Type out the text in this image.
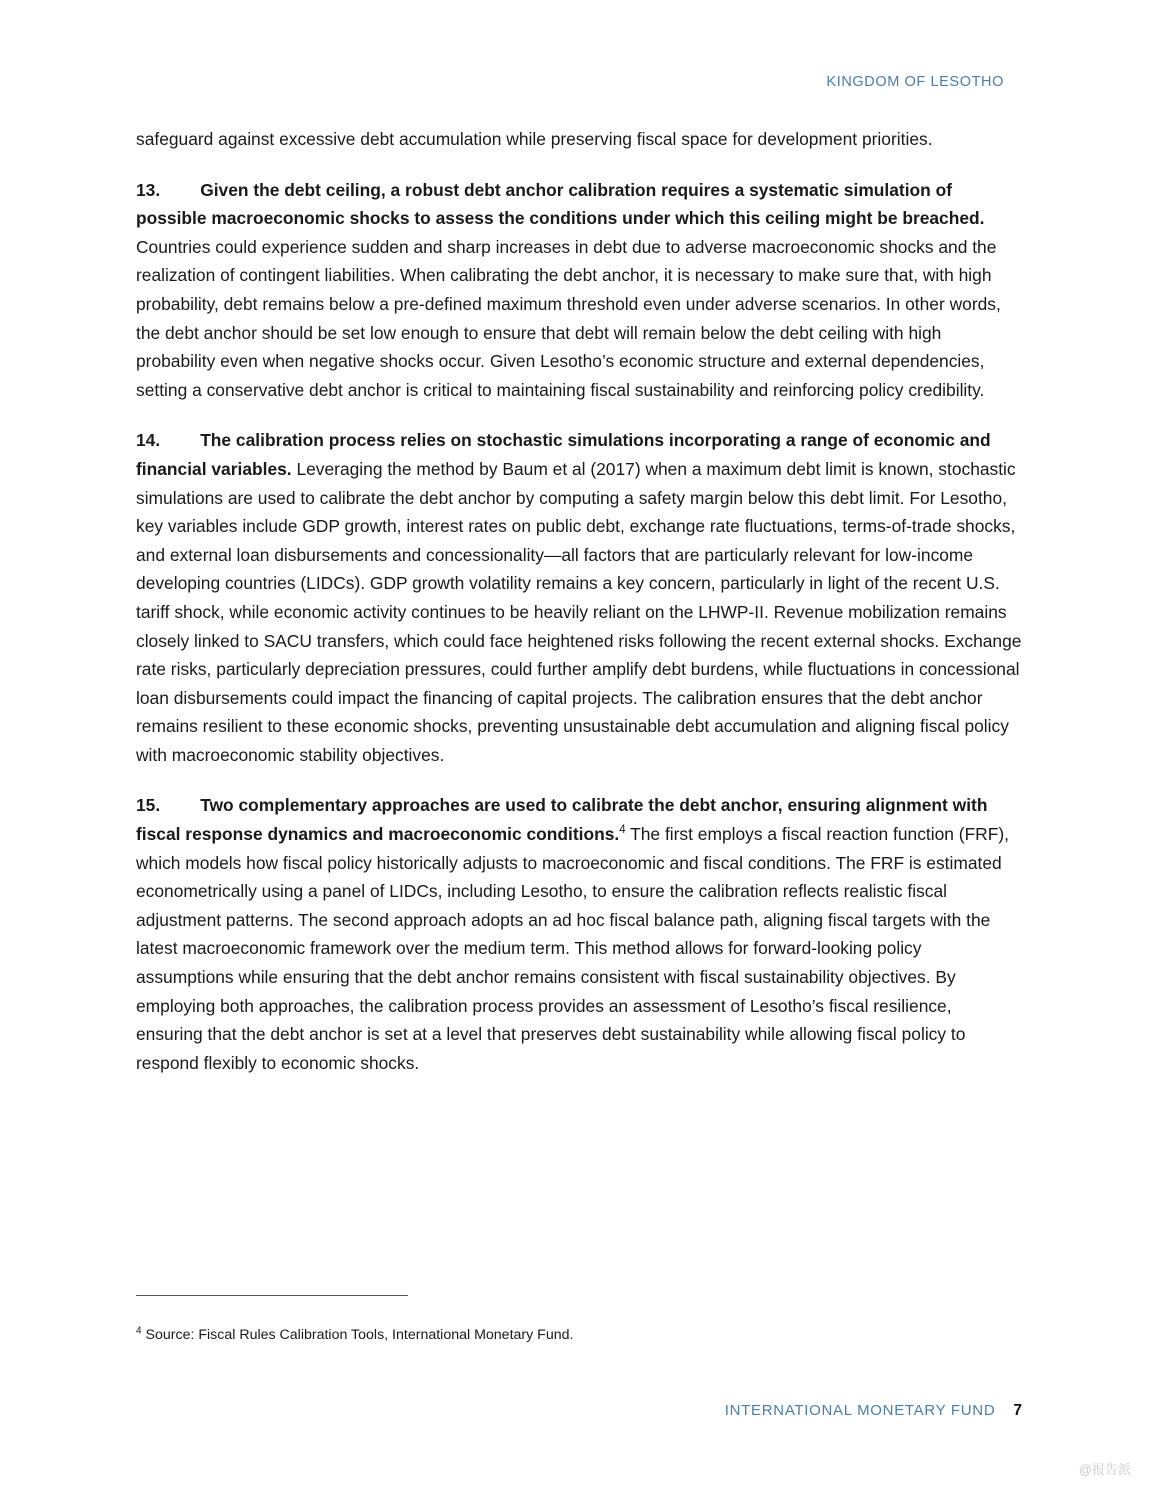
KINGDOM OF LESOTHO

safeguard against excessive debt accumulation while preserving fiscal space for development priorities.

13. Given the debt ceiling, a robust debt anchor calibration requires a systematic simulation of possible macroeconomic shocks to assess the conditions under which this ceiling might be breached. Countries could experience sudden and sharp increases in debt due to adverse macroeconomic shocks and the realization of contingent liabilities. When calibrating the debt anchor, it is necessary to make sure that, with high probability, debt remains below a pre-defined maximum threshold even under adverse scenarios. In other words, the debt anchor should be set low enough to ensure that debt will remain below the debt ceiling with high probability even when negative shocks occur. Given Lesotho’s economic structure and external dependencies, setting a conservative debt anchor is critical to maintaining fiscal sustainability and reinforcing policy credibility.

14. The calibration process relies on stochastic simulations incorporating a range of economic and financial variables. Leveraging the method by Baum et al (2017) when a maximum debt limit is known, stochastic simulations are used to calibrate the debt anchor by computing a safety margin below this debt limit. For Lesotho, key variables include GDP growth, interest rates on public debt, exchange rate fluctuations, terms-of-trade shocks, and external loan disbursements and concessionality—all factors that are particularly relevant for low-income developing countries (LIDCs). GDP growth volatility remains a key concern, particularly in light of the recent U.S. tariff shock, while economic activity continues to be heavily reliant on the LHWP-II. Revenue mobilization remains closely linked to SACU transfers, which could face heightened risks following the recent external shocks. Exchange rate risks, particularly depreciation pressures, could further amplify debt burdens, while fluctuations in concessional loan disbursements could impact the financing of capital projects. The calibration ensures that the debt anchor remains resilient to these economic shocks, preventing unsustainable debt accumulation and aligning fiscal policy with macroeconomic stability objectives.

15. Two complementary approaches are used to calibrate the debt anchor, ensuring alignment with fiscal response dynamics and macroeconomic conditions.$^4$ The first employs a fiscal reaction function (FRF), which models how fiscal policy historically adjusts to macroeconomic and fiscal conditions. The FRF is estimated econometrically using a panel of LIDCs, including Lesotho, to ensure the calibration reflects realistic fiscal adjustment patterns. The second approach adopts an ad hoc fiscal balance path, aligning fiscal targets with the latest macroeconomic framework over the medium term. This method allows for forward-looking policy assumptions while ensuring that the debt anchor remains consistent with fiscal sustainability objectives. By employing both approaches, the calibration process provides an assessment of Lesotho’s fiscal resilience, ensuring that the debt anchor is set at a level that preserves debt sustainability while allowing fiscal policy to respond flexibly to economic shocks.

$^4$ Source: Fiscal Rules Calibration Tools, International Monetary Fund.
INTERNATIONAL MONETARY FUND 7
@报告派
